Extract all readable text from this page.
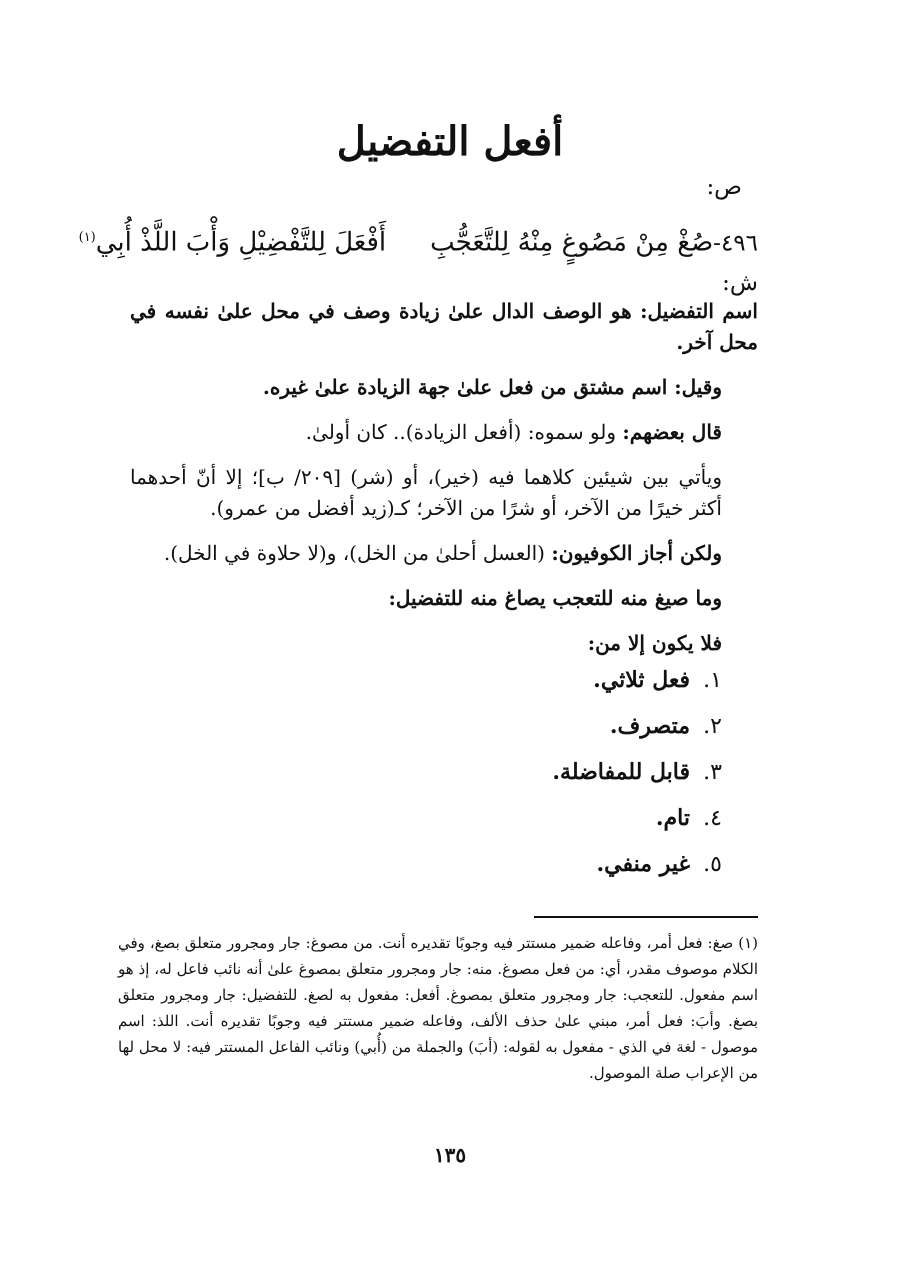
أفعل التفضيل
ص:
٤٩٦-صُغْ مِنْ مَصُوغٍ مِنْهُ لِلتَّعَجُّبِأَفْعَلَ لِلتَّفْضِيْلِ وَأْبَ اللَّذْ أُبِي$^{(١)}$
ش:

اسم التفضيل: هو الوصف الدال علىٰ زيادة وصف في محل علىٰ نفسه في محل آخر.

وقيل: اسم مشتق من فعل علىٰ جهة الزيادة علىٰ غيره.

قال بعضهم: ولو سموه: (أفعل الزيادة).. كان أولىٰ.

ويأتي بين شيئين كلاهما فيه (خير)، أو (شر) [٢٠٩/ ب]؛ إلا أنّ أحدهما أكثر خيرًا من الآخر، أو شرًا من الآخر؛ كـ(زيد أفضل من عمرو).

ولكن أجاز الكوفيون: (العسل أحلىٰ من الخل)، و(لا حلاوة في الخل).

وما صيغ منه للتعجب يصاغ منه للتفضيل:

فلا يكون إلا من:

١.فعل ثلاثي.
٢.متصرف.
٣.قابل للمفاضلة.
٤.تام.
٥.غير منفي.

(١) صغ: فعل أمر، وفاعله ضمير مستتر فيه وجوبًا تقديره أنت. من مصوغ: جار ومجرور متعلق بصغ، وفي الكلام موصوف مقدر، أي: من فعل مصوغ. منه: جار ومجرور متعلق بمصوغ علىٰ أنه نائب فاعل له، إذ هو اسم مفعول. للتعجب: جار ومجرور متعلق بمصوغ. أفعل: مفعول به لصغ. للتفضيل: جار ومجرور متعلق بصغ. وأبَ: فعل أمر، مبني علىٰ حذف الألف، وفاعله ضمير مستتر فيه وجوبًا تقديره أنت. اللذ: اسم موصول - لغة في الذي - مفعول به لقوله: (أبَ) والجملة من (أُبي) ونائب الفاعل المستتر فيه: لا محل لها من الإعراب صلة الموصول.

١٣٥
